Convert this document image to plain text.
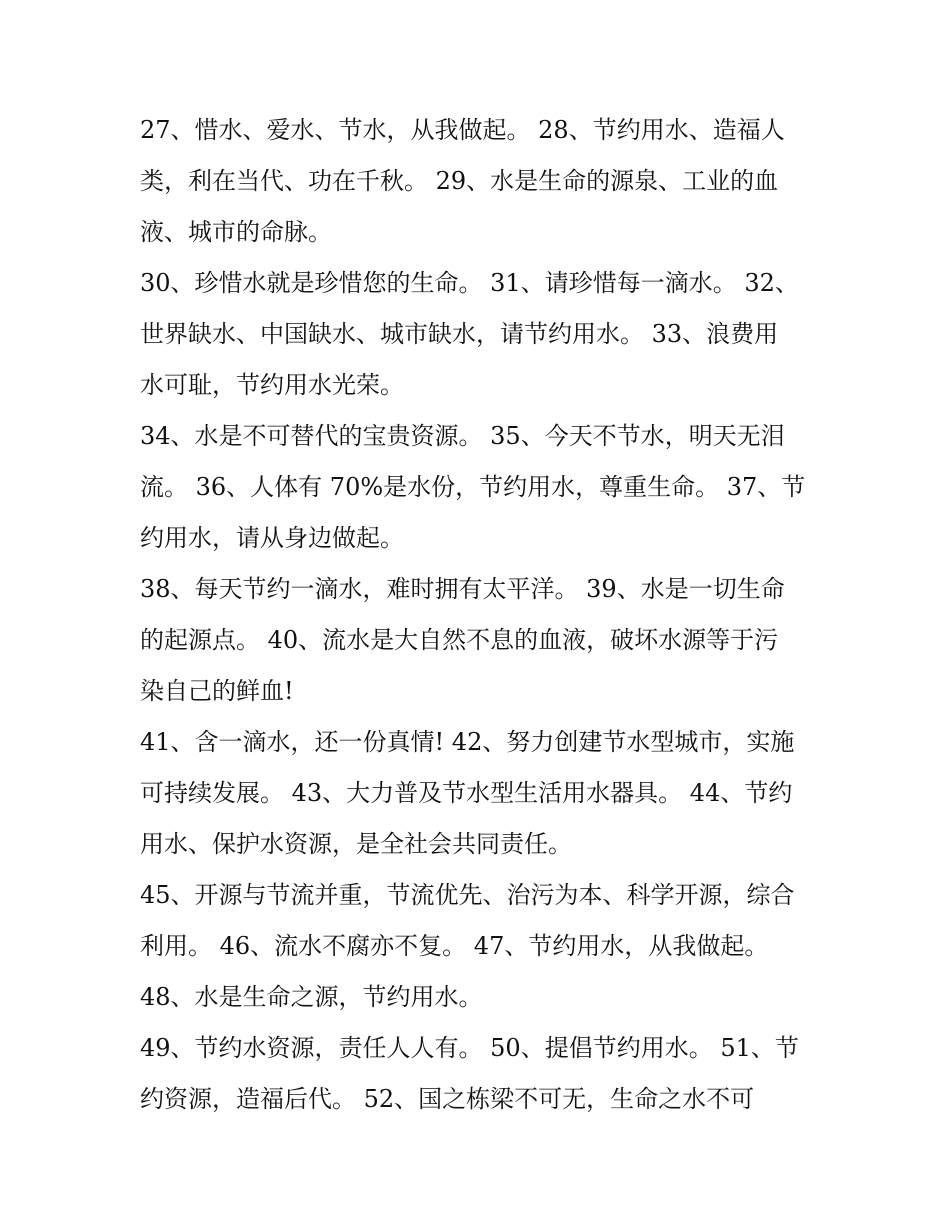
27、惜水、爱水、节水，从我做起。 28、节约用水、造福人
类，利在当代、功在千秋。 29、水是生命的源泉、工业的血
液、城市的命脉。
30、珍惜水就是珍惜您的生命。 31、请珍惜每一滴水。 32、
世界缺水、中国缺水、城市缺水，请节约用水。 33、浪费用
水可耻，节约用水光荣。
34、水是不可替代的宝贵资源。 35、今天不节水，明天无泪
流。 36、人体有 70%是水份，节约用水，尊重生命。 37、节
约用水，请从身边做起。
38、每天节约一滴水，难时拥有太平洋。 39、水是一切生命
的起源点。 40、流水是大自然不息的血液，破坏水源等于污
染自己的鲜血!
41、含一滴水，还一份真情! 42、努力创建节水型城市，实施
可持续发展。 43、大力普及节水型生活用水器具。 44、节约
用水、保护水资源，是全社会共同责任。
45、开源与节流并重，节流优先、治污为本、科学开源，综合
利用。 46、流水不腐亦不复。 47、节约用水，从我做起。
48、水是生命之源，节约用水。
49、节约水资源，责任人人有。 50、提倡节约用水。 51、节
约资源，造福后代。 52、国之栋梁不可无，生命之水不可
